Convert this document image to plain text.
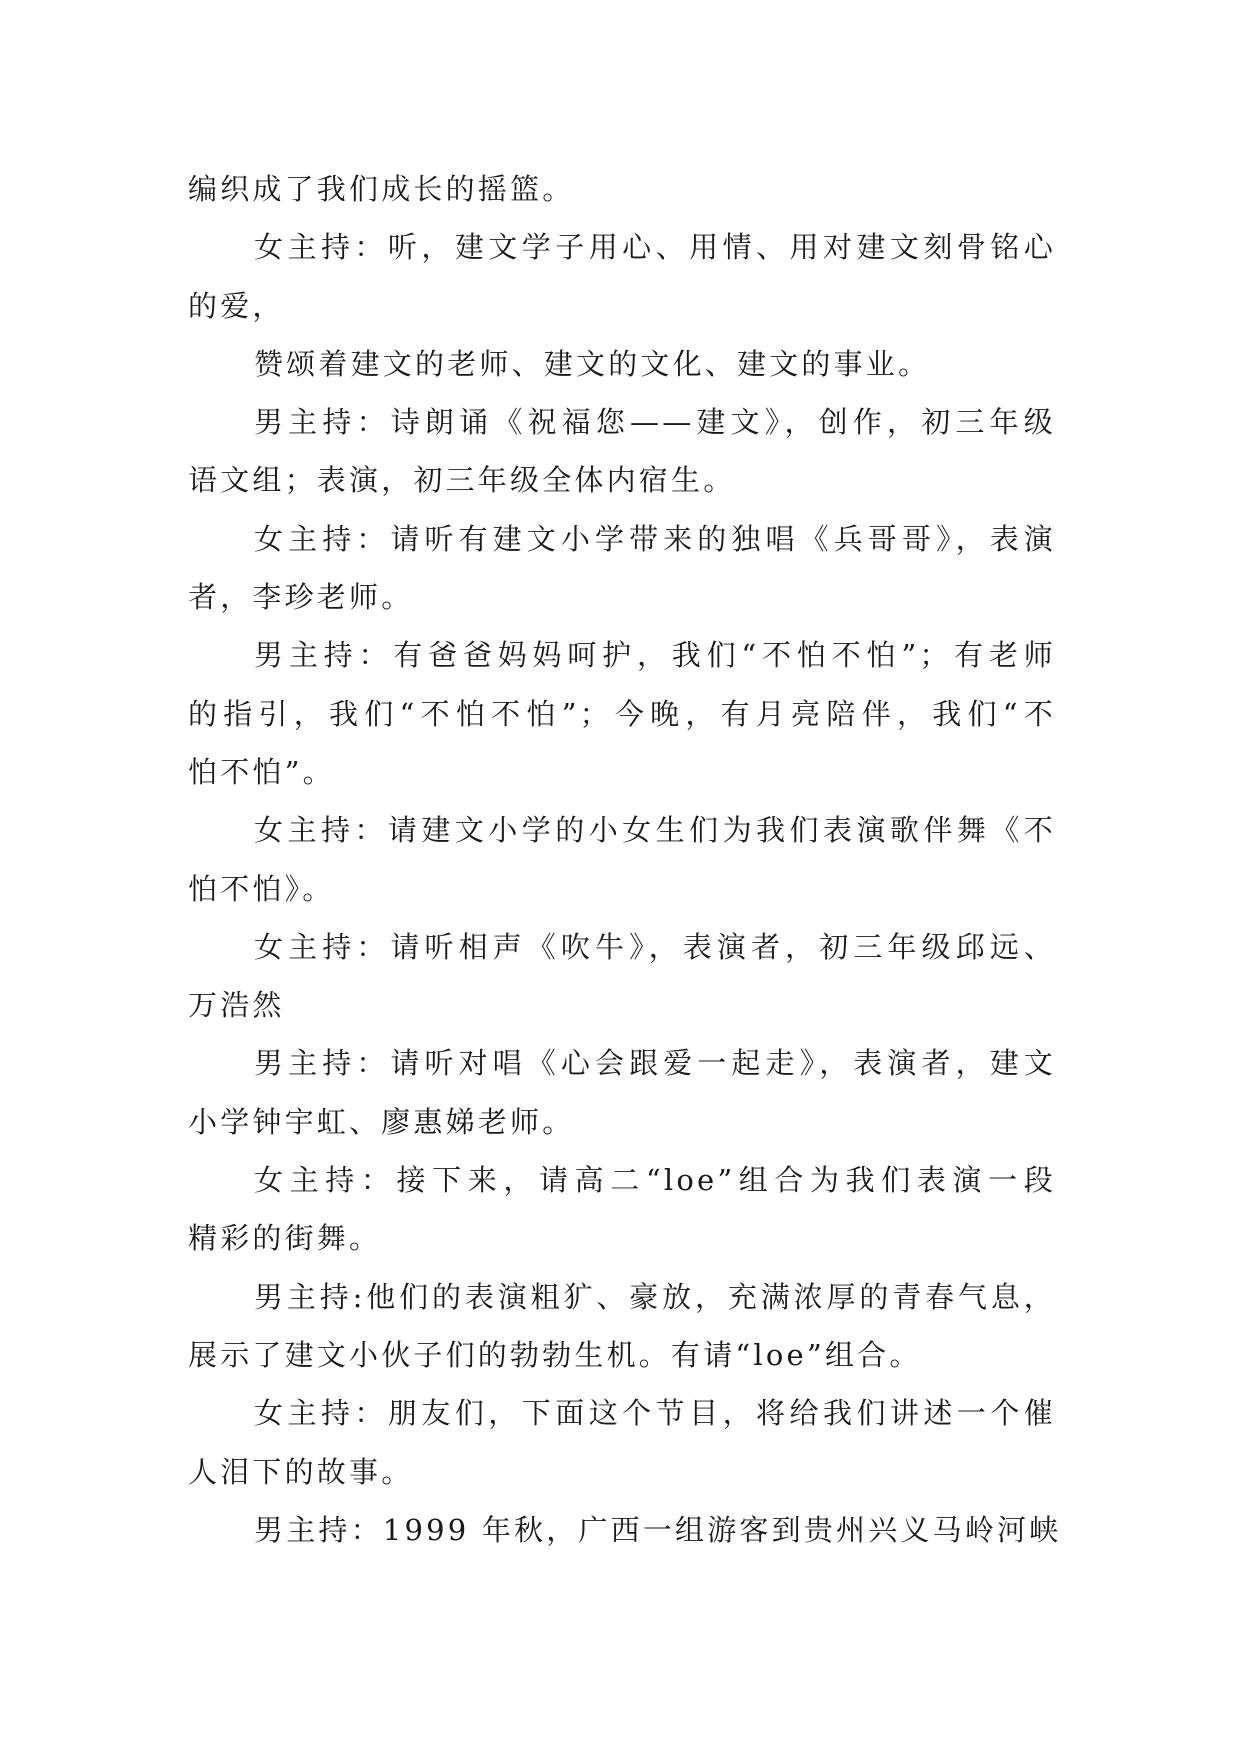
编织成了我们成长的摇篮。

女主持：听，建文学子用心、用情、用对建文刻骨铭心
的爱，

赞颂着建文的老师、建文的文化、建文的事业。

男主持：诗朗诵《祝福您——建文》，创作，初三年级
语文组；表演，初三年级全体内宿生。

女主持：请听有建文小学带来的独唱《兵哥哥》，表演
者，李珍老师。

男主持：有爸爸妈妈呵护，我们“不怕不怕”；有老师
的指引，我们“不怕不怕”；今晚，有月亮陪伴，我们“不
怕不怕”。

女主持：请建文小学的小女生们为我们表演歌伴舞《不
怕不怕》。

女主持：请听相声《吹牛》，表演者，初三年级邱远、
万浩然

男主持：请听对唱《心会跟爱一起走》，表演者，建文
小学钟宇虹、廖惠娣老师。

女主持：接下来，请高二“loe”组合为我们表演一段
精彩的街舞。

男主持:他们的表演粗犷、豪放，充满浓厚的青春气息，
展示了建文小伙子们的勃勃生机。有请“loe”组合。

女主持：朋友们，下面这个节目，将给我们讲述一个催
人泪下的故事。

男主持：1999 年秋，广西一组游客到贵州兴义马岭河峡
